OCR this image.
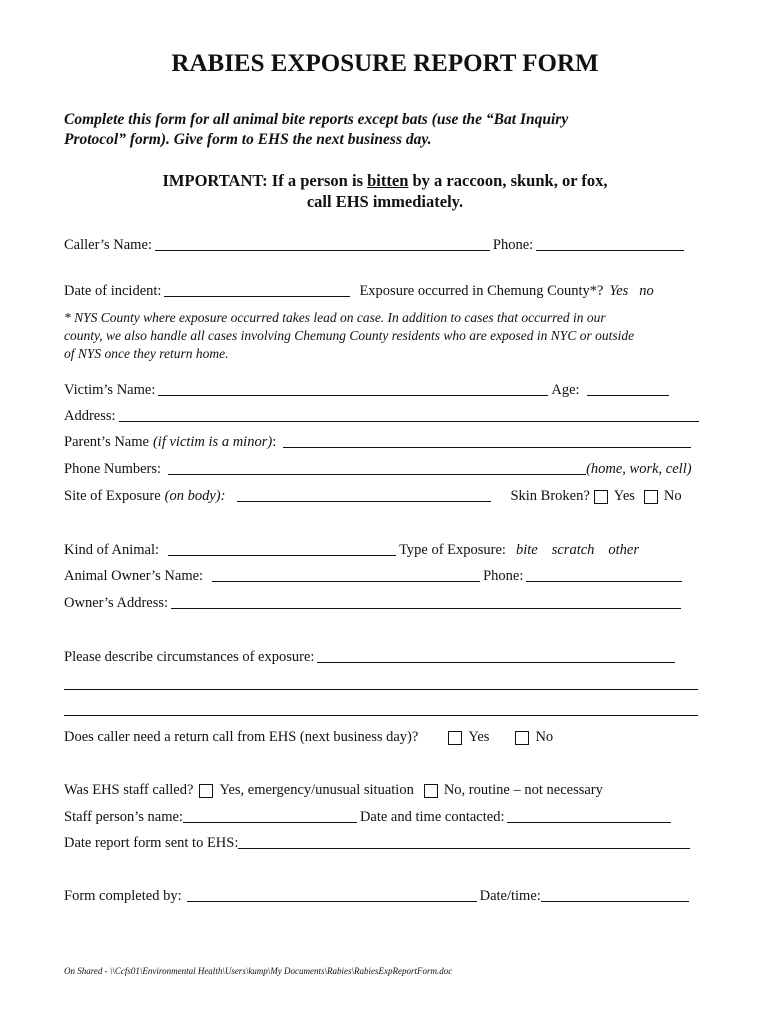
RABIES EXPOSURE REPORT FORM
Complete this form for all animal bite reports except bats (use the “Bat Inquiry
Protocol” form). Give form to EHS the next business day.
IMPORTANT: If a person is bitten by a raccoon, skunk, or fox,
call EHS immediately.
Caller’s Name:	Phone:
Date of incident:	Exposure occurred in Chemung County*? Yes no
* NYS County where exposure occurred takes lead on case. In addition to cases that occurred in our
county, we also handle all cases involving Chemung County residents who are exposed in NYC or outside
of NYS once they return home.
Victim’s Name:	Age:
Address:
Parent’s Name (if victim is a minor) :
Phone Numbers:	(home, work, cell)
Site of Exposure (on body):	Skin Broken? Yes No
Kind of Animal:	Type of Exposure: bite scratch other
Animal Owner’s Name:	Phone:
Owner’s Address:
Please describe circumstances of exposure:
Does caller need a return call from EHS (next business day)?	Yes	No
Was EHS staff called? Yes, emergency/unusual situation No, routine – not necessary
Staff person’s name:	Date and time contacted:
Date report form sent to EHS:
Form completed by:	Date/time:
On Shared - \\Ccfs01\Environmental Health\Users\kump\My Documents\Rabies\RabiesExpReportForm.doc
